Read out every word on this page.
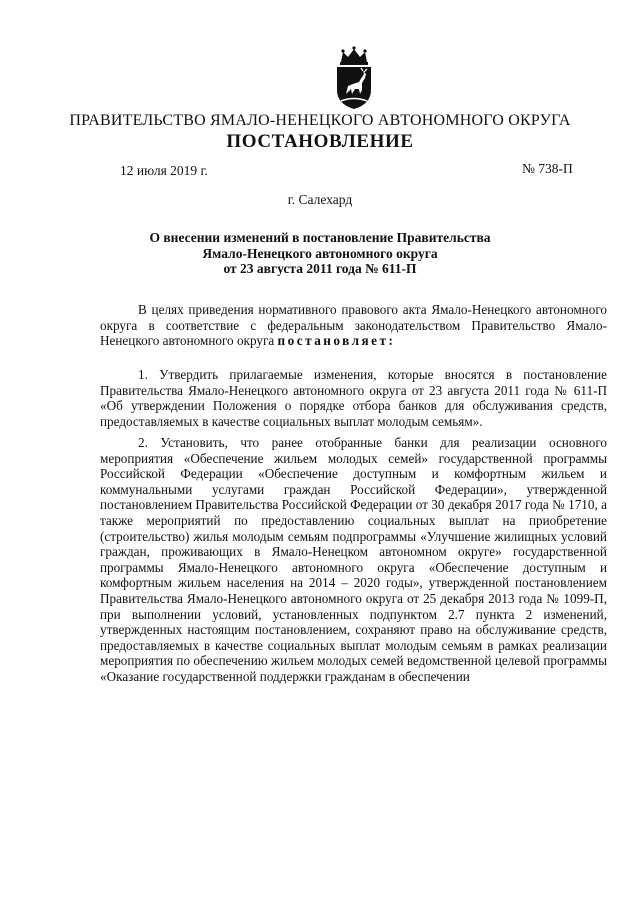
ПРАВИТЕЛЬСТВО ЯМАЛО-НЕНЕЦКОГО АВТОНОМНОГО ОКРУГА
ПОСТАНОВЛЕНИЕ
12 июля 2019 г.	№ 738-П
г. Салехард
О внесении изменений в постановление Правительства
Ямало-Ненецкого автономного округа
от 23 августа 2011 года № 611-П

В целях приведения нормативного правового акта Ямало-Ненецкого автономного округа в соответствие с федеральным законодательством Правительство Ямало-Ненецкого автономного округа постановляет:

1. Утвердить прилагаемые изменения, которые вносятся в постановление Правительства Ямало-Ненецкого автономного округа от 23 августа 2011 года № 611-П «Об утверждении Положения о порядке отбора банков для обслуживания средств, предоставляемых в качестве социальных выплат молодым семьям».

2. Установить, что ранее отобранные банки для реализации основного мероприятия «Обеспечение жильем молодых семей» государственной программы Российской Федерации «Обеспечение доступным и комфортным жильем и коммунальными услугами граждан Российской Федерации», утвержденной постановлением Правительства Российской Федерации от 30 декабря 2017 года № 1710, а также мероприятий по предоставлению социальных выплат на приобретение (строительство) жилья молодым семьям подпрограммы «Улучшение жилищных условий граждан, проживающих в Ямало-Ненецком автономном округе» государственной программы Ямало-Ненецкого автономного округа «Обеспечение доступным и комфортным жильем населения на 2014 – 2020 годы», утвержденной постановлением Правительства Ямало-Ненецкого автономного округа от 25 декабря 2013 года № 1099-П, при выполнении условий, установленных подпунктом 2.7 пункта 2 изменений, утвержденных настоящим постановлением, сохраняют право на обслуживание средств, предоставляемых в качестве социальных выплат молодым семьям в рамках реализации мероприятия по обеспечению жильем молодых семей ведомственной целевой программы «Оказание государственной поддержки гражданам в обеспечении
